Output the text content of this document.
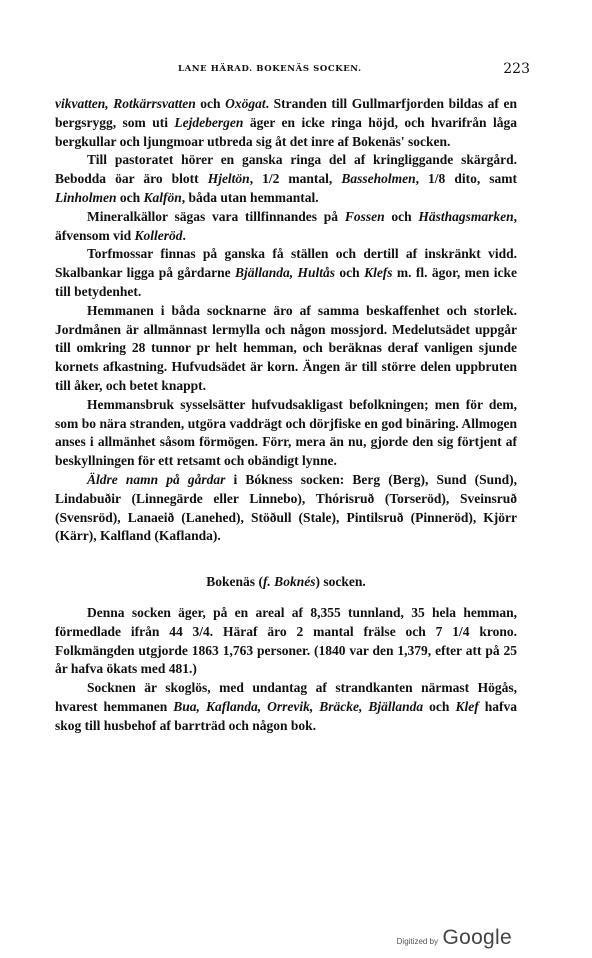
LANE HÄRAD. BOKENÄS SOCKEN.	223

vikvatten, Rotkärrsvatten och Oxögat. Stranden till Gullmarfjorden bildas af en bergsrygg, som uti Lejdebergen äger en icke ringa höjd, och hvarifrån låga bergkullar och ljungmoar utbreda sig åt det inre af Bokenäs' socken.

Till pastoratet hörer en ganska ringa del af kringliggande skärgård. Bebodda öar äro blott Hjeltön, 1/2 mantal, Basseholmen, 1/8 dito, samt Linholmen och Kalfön, båda utan hemmantal.

Mineralkällor sägas vara tillfinnandes på Fossen och Hästhagsmarken, äfvensom vid Kolleröd.

Torfmossar finnas på ganska få ställen och dertill af inskränkt vidd. Skalbankar ligga på gårdarne Bjällanda, Hultås och Klefs m. fl. ägor, men icke till betydenhet.

Hemmanen i båda socknarne äro af samma beskaffenhet och storlek. Jordmånen är allmännast lermylla och någon mossjord. Medelutsädet uppgår till omkring 28 tunnor pr helt hemman, och beräknas deraf vanligen sjunde kornets afkastning. Hufvudsädet är korn. Ängen är till större delen uppbruten till åker, och betet knappt.

Hemmansbruk sysselsätter hufvudsakligast befolkningen; men för dem, som bo nära stranden, utgöra vaddrägt och dörjfiske en god binäring. Allmogen anses i allmänhet såsom förmögen. Förr, mera än nu, gjorde den sig förtjent af beskyllningen för ett retsamt och obändigt lynne.

Äldre namn på gårdar i Bókness socken: Berg (Berg), Sund (Sund), Lindabuðir (Linnegärde eller Linnebo), Thórisruð (Torseröd), Sveinsruð (Svensröd), Lanaeið (Lanehed), Stöðull (Stale), Pintilsruð (Pinneröd), Kjörr (Kärr), Kalfland (Kaflanda).

Bokenäs (f. Boknés) socken.

Denna socken äger, på en areal af 8,355 tunnland, 35 hela hemman, förmedlade ifrån 44 3/4. Häraf äro 2 mantal frälse och 7 1/4 krono. Folkmängden utgjorde 1863 1,763 personer. (1840 var den 1,379, efter att på 25 år hafva ökats med 481.)

Socknen är skoglös, med undantag af strandkanten närmast Högås, hvarest hemmanen Bua, Kaflanda, Orrevik, Bräcke, Bjällanda och Klef hafva skog till husbehof af barrträd och någon bok.

Digitized by Google
